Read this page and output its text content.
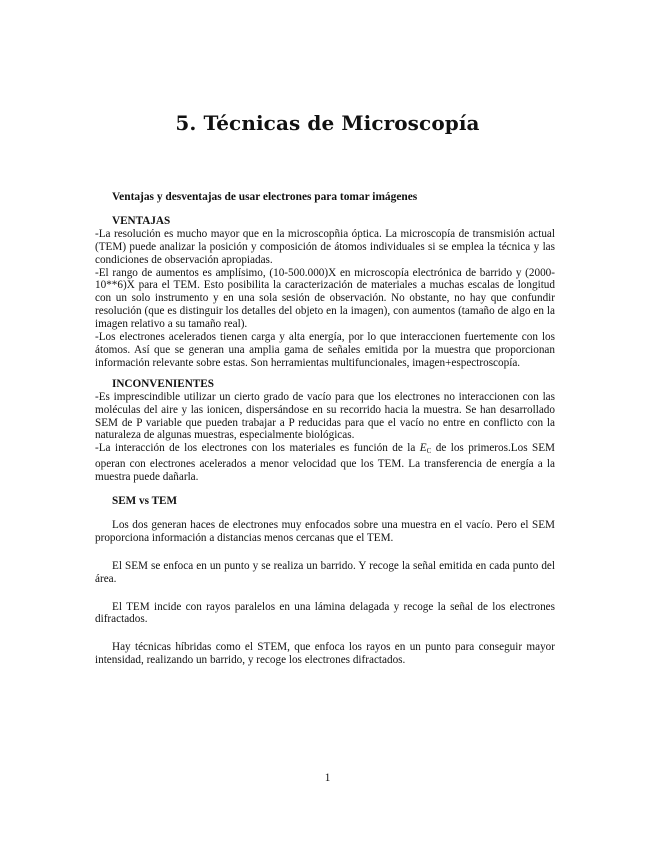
5. Técnicas de Microscopía

Ventajas y desventajas de usar electrones para tomar imágenes

VENTAJAS

-La resolución es mucho mayor que en la microscopñia óptica. La microscopía de transmisión actual (TEM) puede analizar la posición y composición de átomos individuales si se emplea la técnica y las condiciones de observación apropiadas.

-El rango de aumentos es amplísimo, (10-500.000)X en microscopía electrónica de barrido y (2000-10**6)X para el TEM. Esto posibilita la caracterización de materiales a muchas escalas de longitud con un solo instrumento y en una sola sesión de observación. No obstante, no hay que confundir resolución (que es distinguir los detalles del objeto en la imagen), con aumentos (tamaño de algo en la imagen relativo a su tamaño real).

-Los electrones acelerados tienen carga y alta energía, por lo que interaccionen fuertemente con los átomos. Así que se generan una amplia gama de señales emitida por la muestra que proporcionan información relevante sobre estas. Son herramientas multifuncionales, imagen+espectroscopía.

INCONVENIENTES

-Es imprescindible utilizar un cierto grado de vacío para que los electrones no interaccionen con las moléculas del aire y las ionicen, dispersándose en su recorrido hacia la muestra. Se han desarrollado SEM de P variable que pueden trabajar a P reducidas para que el vacío no entre en conflicto con la naturaleza de algunas muestras, especialmente biológicas.

-La interacción de los electrones con los materiales es función de la $E_C$ de los primeros.Los SEM operan con electrones acelerados a menor velocidad que los TEM. La transferencia de energía a la muestra puede dañarla.

SEM vs TEM

Los dos generan haces de electrones muy enfocados sobre una muestra en el vacío. Pero el SEM proporciona información a distancias menos cercanas que el TEM.

El SEM se enfoca en un punto y se realiza un barrido. Y recoge la señal emitida en cada punto del área.

El TEM incide con rayos paralelos en una lámina delagada y recoge la señal de los electrones difractados.

Hay técnicas híbridas como el STEM, que enfoca los rayos en un punto para conseguir mayor intensidad, realizando un barrido, y recoge los electrones difractados.

1
